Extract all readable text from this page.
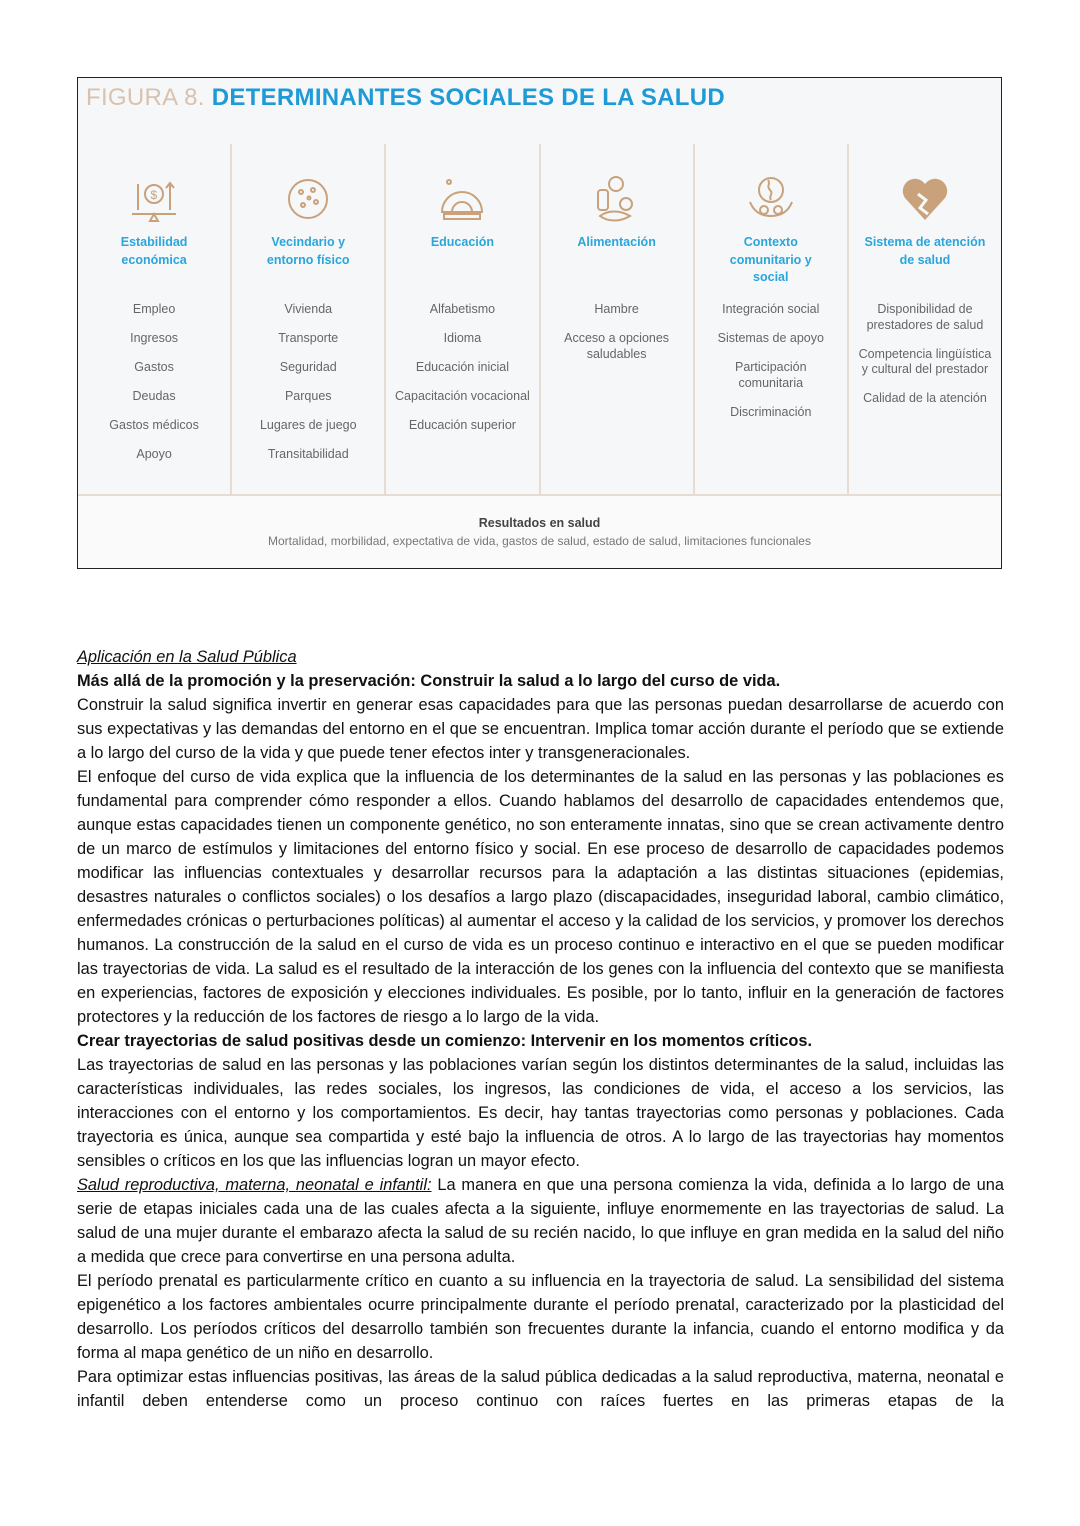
FIGURA 8. DETERMINANTES SOCIALES DE LA SALUD
$
Estabilidad económica
Empleo
Ingresos
Gastos
Deudas
Gastos médicos
Apoyo
Vecindario y entorno físico
Vivienda
Transporte
Seguridad
Parques
Lugares de juego
Transitabilidad
Educación
Alfabetismo
Idioma
Educación inicial
Capacitación vocacional
Educación superior
Alimentación
Hambre
Acceso a opciones saludables
Contexto comunitario y social
Integración social
Sistemas de apoyo
Participación comunitaria
Discriminación
Sistema de atención de salud
Disponibilidad de prestadores de salud
Competencia lingüística y cultural del prestador
Calidad de la atención
Resultados en salud
Mortalidad, morbilidad, expectativa de vida, gastos de salud, estado de salud, limitaciones funcionales

Aplicación en la Salud Pública

Más allá de la promoción y la preservación: Construir la salud a lo largo del curso de vida.

Construir la salud significa invertir en generar esas capacidades para que las personas puedan desarrollarse de acuerdo con sus expectativas y las demandas del entorno en el que se encuentran. Implica tomar acción durante el período que se extiende a lo largo del curso de la vida y que puede tener efectos inter y transgeneracionales.

El enfoque del curso de vida explica que la influencia de los determinantes de la salud en las personas y las poblaciones es fundamental para comprender cómo responder a ellos. Cuando hablamos del desarrollo de capacidades entendemos que, aunque estas capacidades tienen un componente genético, no son enteramente innatas, sino que se crean activamente dentro de un marco de estímulos y limitaciones del entorno físico y social. En ese proceso de desarrollo de capacidades podemos modificar las influencias contextuales y desarrollar recursos para la adaptación a las distintas situaciones (epidemias, desastres naturales o conflictos sociales) o los desafíos a largo plazo (discapacidades, inseguridad laboral, cambio climático, enfermedades crónicas o perturbaciones políticas) al aumentar el acceso y la calidad de los servicios, y promover los derechos humanos. La construcción de la salud en el curso de vida es un proceso continuo e interactivo en el que se pueden modificar las trayectorias de vida. La salud es el resultado de la interacción de los genes con la influencia del contexto que se manifiesta en experiencias, factores de exposición y elecciones individuales. Es posible, por lo tanto, influir en la generación de factores protectores y la reducción de los factores de riesgo a lo largo de la vida.

Crear trayectorias de salud positivas desde un comienzo: Intervenir en los momentos críticos.

Las trayectorias de salud en las personas y las poblaciones varían según los distintos determinantes de la salud, incluidas las características individuales, las redes sociales, los ingresos, las condiciones de vida, el acceso a los servicios, las interacciones con el entorno y los comportamientos. Es decir, hay tantas trayectorias como personas y poblaciones. Cada trayectoria es única, aunque sea compartida y esté bajo la influencia de otros. A lo largo de las trayectorias hay momentos sensibles o críticos en los que las influencias logran un mayor efecto.

Salud reproductiva, materna, neonatal e infantil: La manera en que una persona comienza la vida, definida a lo largo de una serie de etapas iniciales cada una de las cuales afecta a la siguiente, influye enormemente en las trayectorias de salud. La salud de una mujer durante el embarazo afecta la salud de su recién nacido, lo que influye en gran medida en la salud del niño a medida que crece para convertirse en una persona adulta.

El período prenatal es particularmente crítico en cuanto a su influencia en la trayectoria de salud. La sensibilidad del sistema epigenético a los factores ambientales ocurre principalmente durante el período prenatal, caracterizado por la plasticidad del desarrollo. Los períodos críticos del desarrollo también son frecuentes durante la infancia, cuando el entorno modifica y da forma al mapa genético de un niño en desarrollo.

Para optimizar estas influencias positivas, las áreas de la salud pública dedicadas a la salud reproductiva, materna, neonatal e infantil deben entenderse como un proceso continuo con raíces fuertes en las primeras etapas de la
